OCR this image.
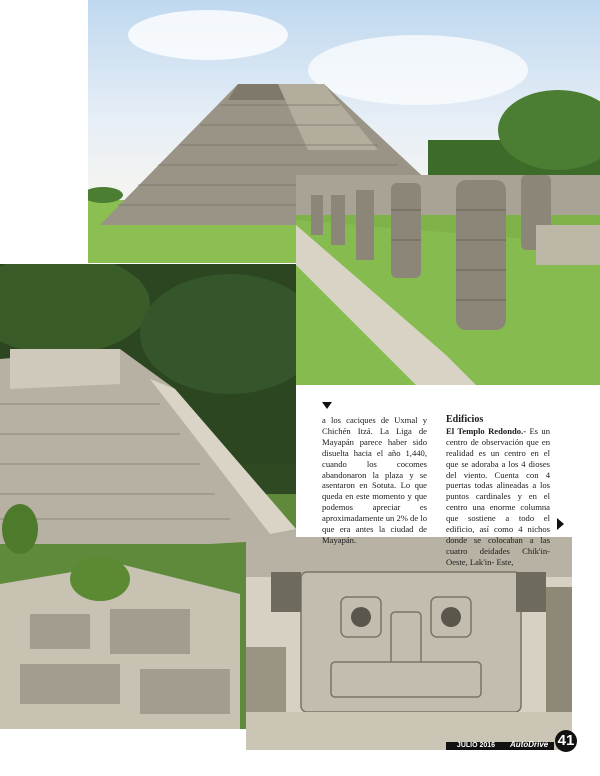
a los caciques de Uxmal y Chichén Itzá. La Liga de Mayapán parece haber sido disuelta hacia el año 1,440, cuando los cocomes abandonaron la plaza y se asentaron en Sotuta. Lo que queda en este momento y que podemos apreciar es aproximadamente un 2% de lo que era antes la ciudad de Mayapán.

Edificios

El Templo Redondo.- Es un centro de observación que en realidad es un centro en el que se adoraba a los 4 dioses del viento. Cuenta con 4 puertas todas alineadas a los puntos cardinales y en el centro una enorme columna que sostiene a todo el edificio, así como 4 nichos donde se colocaban a las cuatro deidades Chik'in-Oeste, Lak'in- Este,

JULIO 2016	AutoDrive 41
